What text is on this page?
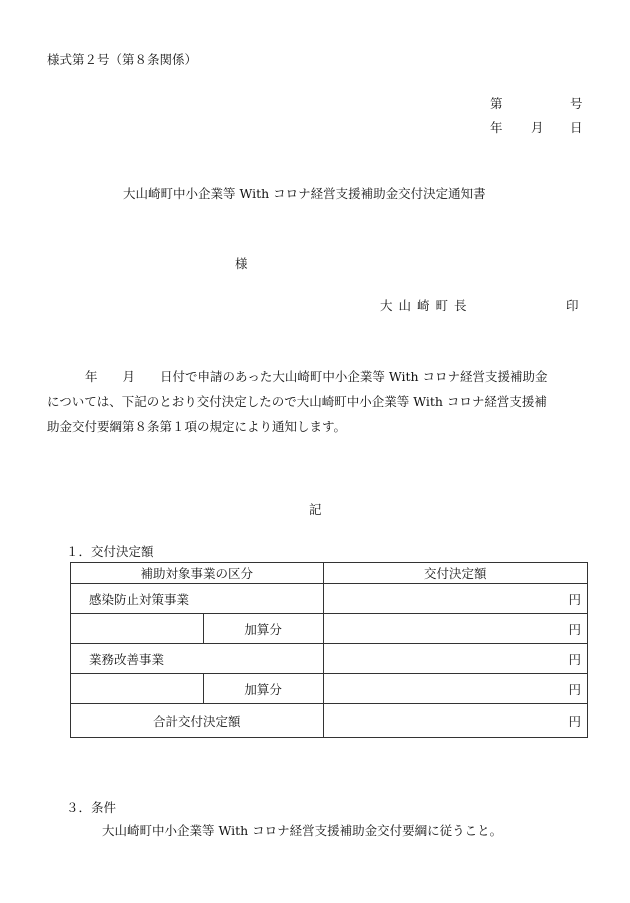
様式第２号（第８条関係）
第	号
年 月 日
大山崎町中小企業等 With コロナ経営支援補助金交付決定通知書
様
大山崎町長	印
年　　月　　日付で申請のあった大山崎町中小企業等 With コロナ経営支援補助金
については、下記のとおり交付決定したので大山崎町中小企業等 With コロナ経営支援補
助金交付要綱第８条第１項の規定により通知します。
記
１．交付決定額
補助対象事業の区分		交付決定額
感染防止対策事業		円
	加算分	円
業務改善事業		円
	加算分	円
合計交付決定額		円
３．条件
大山崎町中小企業等 With コロナ経営支援補助金交付要綱に従うこと。
